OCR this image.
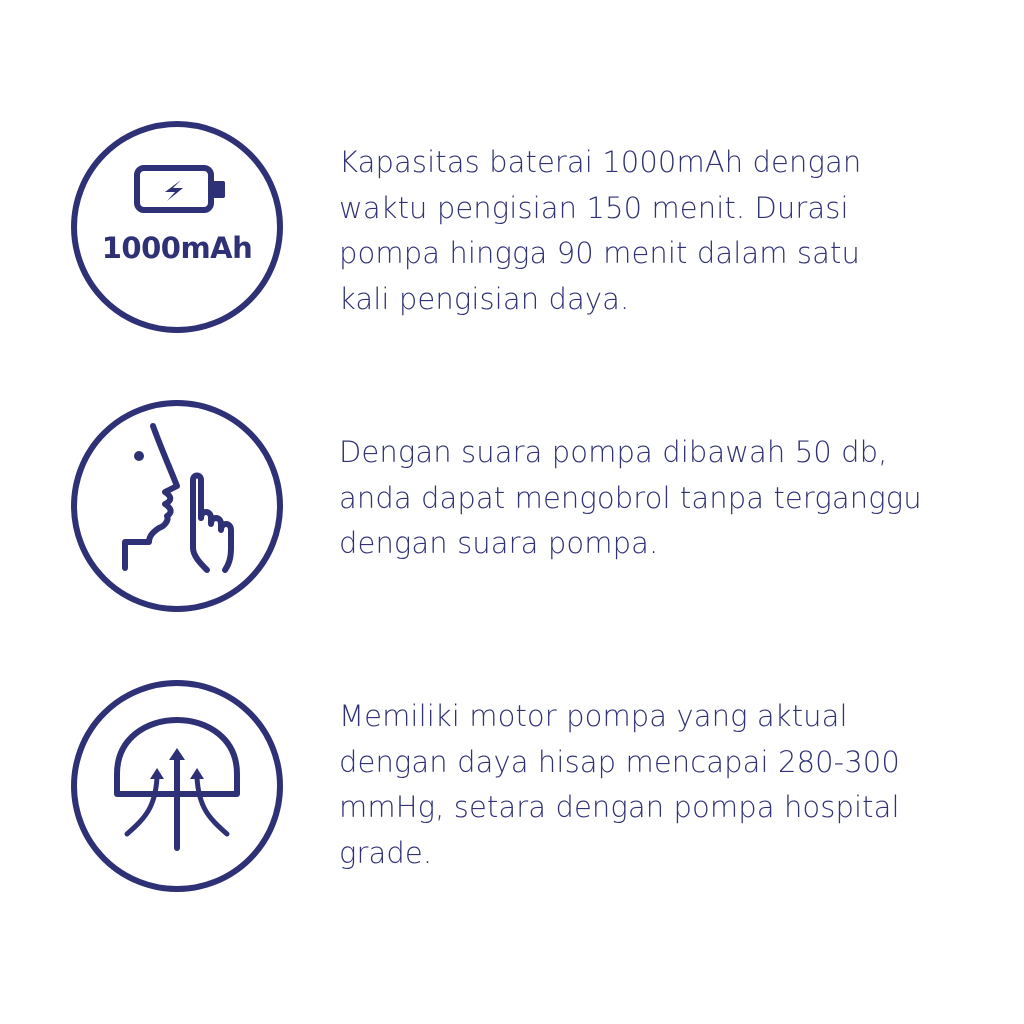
1000mAh

Kapasitas baterai 1000mAh dengan
waktu pengisian 150 menit. Durasi
pompa hingga 90 menit dalam satu
kali pengisian daya.

Dengan suara pompa dibawah 50 db,
anda dapat mengobrol tanpa terganggu
dengan suara pompa.

Memiliki motor pompa yang aktual
dengan daya hisap mencapai 280-300
mmHg, setara dengan pompa hospital
grade.
